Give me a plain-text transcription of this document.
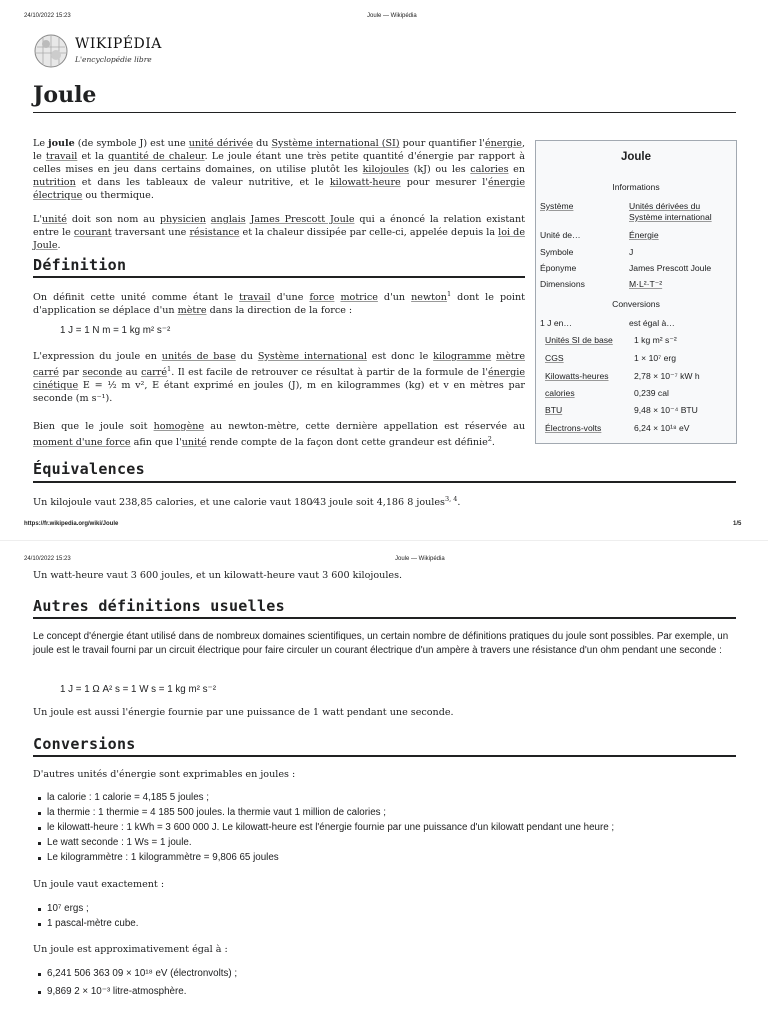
24/10/2022 15:23	Joule — Wikipédia
WIKIPÉDIA
L'encyclopédie libre
Joule
Le joule (de symbole J) est une unité dérivée du Système international (SI) pour quantifier l'énergie, le travail et la quantité de chaleur. Le joule étant une très petite quantité d'énergie par rapport à celles mises en jeu dans certains domaines, on utilise plutôt les kilojoules (kJ) ou les calories en nutrition et dans les tableaux de valeur nutritive, et le kilowatt-heure pour mesurer l'énergie électrique ou thermique.
L'unité doit son nom au physicien anglais James Prescott Joule qui a énoncé la relation existant entre le courant traversant une résistance et la chaleur dissipée par celle-ci, appelée depuis la loi de Joule.
Définition
On définit cette unité comme étant le travail d'une force motrice d'un newton$^1$ dont le point d'application se déplace d'un mètre dans la direction de la force :
1 J = 1 N m = 1 kg m² s⁻²
L'expression du joule en unités de base du Système international est donc le kilogramme mètre carré par seconde au carré$^1$. Il est facile de retrouver ce résultat à partir de la formule de l'énergie cinétique E = ½ m v², E étant exprimé en joules (J), m en kilogrammes (kg) et v en mètres par seconde (m s⁻¹).
Bien que le joule soit homogène au newton-mètre, cette dernière appellation est réservée au moment d'une force afin que l'unité rende compte de la façon dont cette grandeur est définie$^2$.
Équivalences
Un kilojoule vaut 238,85 calories, et une calorie vaut 180⁄43 joule soit 4,186 8 joules$^{3, 4}$.
Joule
Informations
Système	Unités dérivées du Système international
Unité de…	Énergie
Symbole	J
Éponyme	James Prescott Joule
Dimensions	M·L²·T⁻²
Conversions
1 J en…	est égal à…
Unités SI de base 1 kg m² s⁻²
CGS	1 × 10⁷ erg
Kilowatts-heures	2,78 × 10⁻⁷ kW h
calories	0,239 cal
BTU	9,48 × 10⁻⁴ BTU
Électrons-volts	6,24 × 10¹⁸ eV
https://fr.wikipedia.org/wiki/Joule	1/5
24/10/2022 15:23	Joule — Wikipédia
Un watt-heure vaut 3 600 joules, et un kilowatt-heure vaut 3 600 kilojoules.
Autres définitions usuelles
Le concept d'énergie étant utilisé dans de nombreux domaines scientifiques, un certain nombre de définitions pratiques du joule sont possibles. Par exemple, un joule est le travail fourni par un circuit électrique pour faire circuler un courant électrique d'un ampère à travers une résistance d'un ohm pendant une seconde :
1 J = 1 Ω A² s = 1 W s = 1 kg m² s⁻²
Un joule est aussi l'énergie fournie par une puissance de 1 watt pendant une seconde.
Conversions
D'autres unités d'énergie sont exprimables en joules :
la calorie : 1 calorie = 4,185 5 joules ;
la thermie : 1 thermie = 4 185 500 joules. la thermie vaut 1 million de calories ;
le kilowatt-heure : 1 kWh = 3 600 000 J. Le kilowatt-heure est l'énergie fournie par une puissance d'un kilowatt pendant une heure ;
Le watt seconde : 1 Ws = 1 joule.
Le kilogrammètre : 1 kilogrammètre = 9,806 65 joules
Un joule vaut exactement :
10⁷ ergs ;
1 pascal-mètre cube.
Un joule est approximativement égal à :
6,241 506 363 09 × 10¹⁸ eV (électronvolts) ;
9,869 2 × 10⁻³ litre-atmosphère.
